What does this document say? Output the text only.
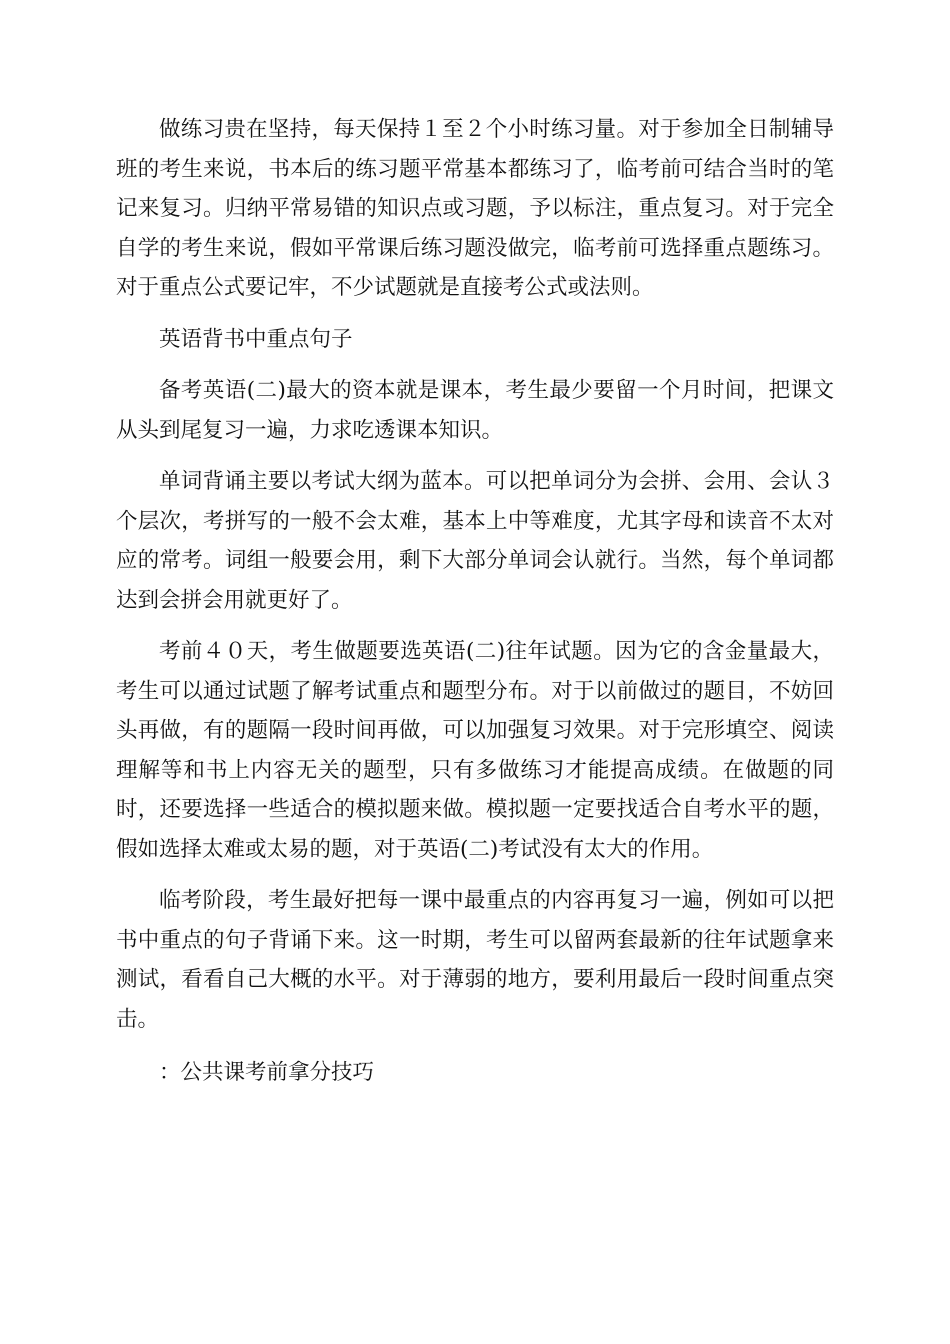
做练习贵在坚持，每天保持１至２个小时练习量。对于参加全日制辅导班的考生来说，书本后的练习题平常基本都练习了，临考前可结合当时的笔记来复习。归纳平常易错的知识点或习题，予以标注，重点复习。对于完全自学的考生来说，假如平常课后练习题没做完，临考前可选择重点题练习。对于重点公式要记牢，不少试题就是直接考公式或法则。

英语背书中重点句子

备考英语(二)最大的资本就是课本，考生最少要留一个月时间，把课文从头到尾复习一遍，力求吃透课本知识。

单词背诵主要以考试大纲为蓝本。可以把单词分为会拼、会用、会认３个层次，考拼写的一般不会太难，基本上中等难度，尤其字母和读音不太对应的常考。词组一般要会用，剩下大部分单词会认就行。当然，每个单词都达到会拼会用就更好了。

考前４０天，考生做题要选英语(二)往年试题。因为它的含金量最大，考生可以通过试题了解考试重点和题型分布。对于以前做过的题目，不妨回头再做，有的题隔一段时间再做，可以加强复习效果。对于完形填空、阅读理解等和书上内容无关的题型，只有多做练习才能提高成绩。在做题的同时，还要选择一些适合的模拟题来做。模拟题一定要找适合自考水平的题，假如选择太难或太易的题，对于英语(二)考试没有太大的作用。

临考阶段，考生最好把每一课中最重点的内容再复习一遍，例如可以把书中重点的句子背诵下来。这一时期，考生可以留两套最新的往年试题拿来测试，看看自己大概的水平。对于薄弱的地方，要利用最后一段时间重点突击。

：公共课考前拿分技巧
